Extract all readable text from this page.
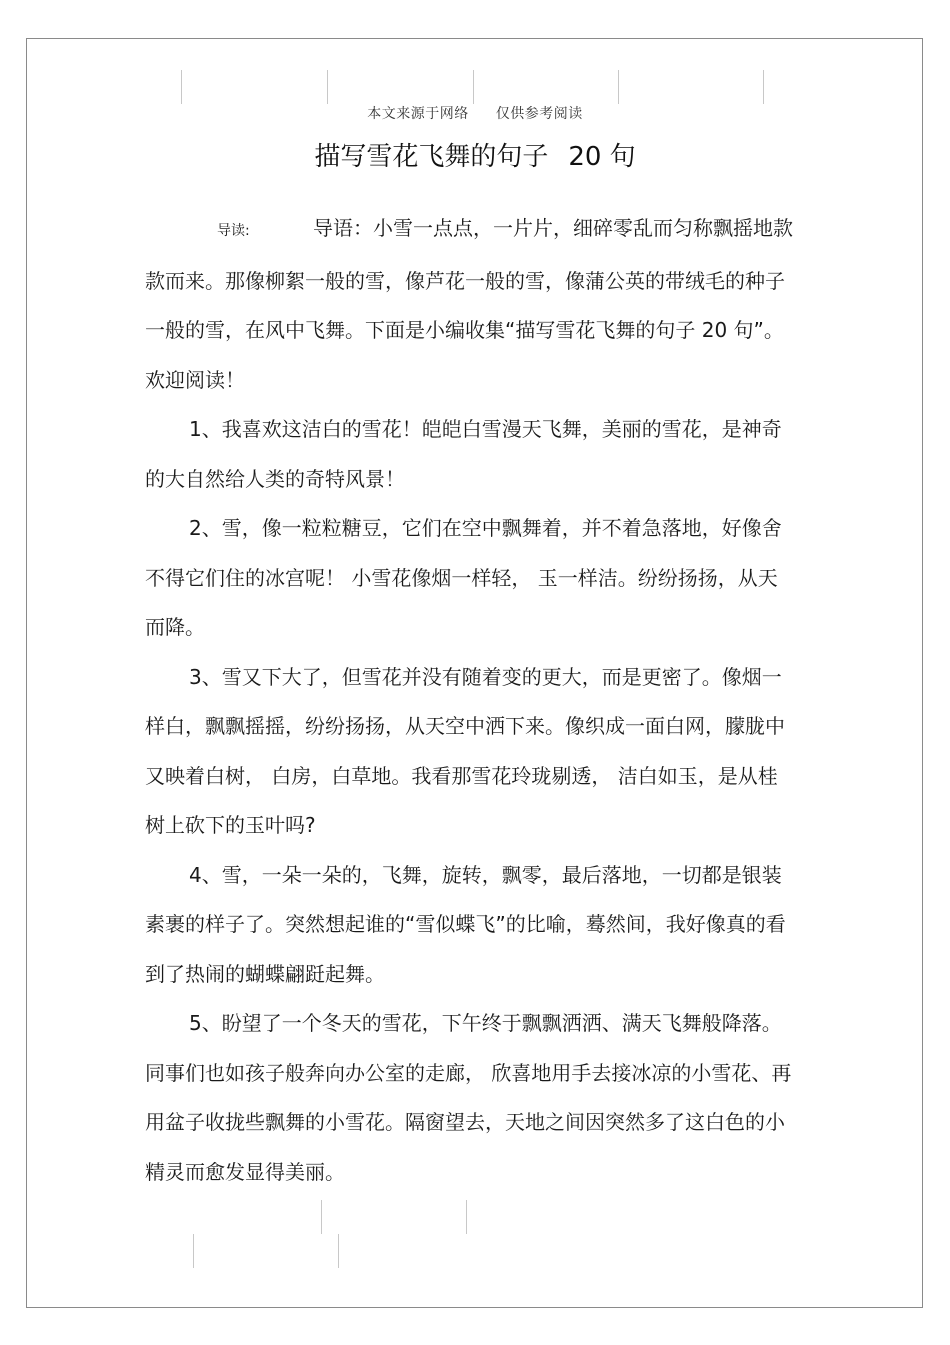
本文来源于网络 仅供参考阅读
描写雪花飞舞的句子 20 句

导读:	导语：小雪一点点，一片片，细碎零乱而匀称飘摇地款款而来。那像柳絮一般的雪，像芦花一般的雪，像蒲公英的带绒毛的种子一般的雪，在风中飞舞。下面是小编收集“描写雪花飞舞的句子 20 句”。欢迎阅读！

1、我喜欢这洁白的雪花！皑皑白雪漫天飞舞，美丽的雪花，是神奇的大自然给人类的奇特风景！

2、雪，像一粒粒糖豆，它们在空中飘舞着，并不着急落地，好像舍不得它们住的冰宫呢！ 小雪花像烟一样轻， 玉一样洁。纷纷扬扬，从天而降。

3、雪又下大了，但雪花并没有随着变的更大，而是更密了。像烟一样白，飘飘摇摇，纷纷扬扬，从天空中洒下来。像织成一面白网，朦胧中又映着白树， 白房，白草地。我看那雪花玲珑剔透， 洁白如玉，是从桂树上砍下的玉叶吗?

4、雪，一朵一朵的，飞舞，旋转，飘零，最后落地，一切都是银装素裹的样子了。突然想起谁的“雪似蝶飞”的比喻，蓦然间，我好像真的看到了热闹的蝴蝶翩跹起舞。

5、盼望了一个冬天的雪花，下午终于飘飘洒洒、满天飞舞般降落。同事们也如孩子般奔向办公室的走廊， 欣喜地用手去接冰凉的小雪花、再用盆子收拢些飘舞的小雪花。隔窗望去，天地之间因突然多了这白色的小精灵而愈发显得美丽。
